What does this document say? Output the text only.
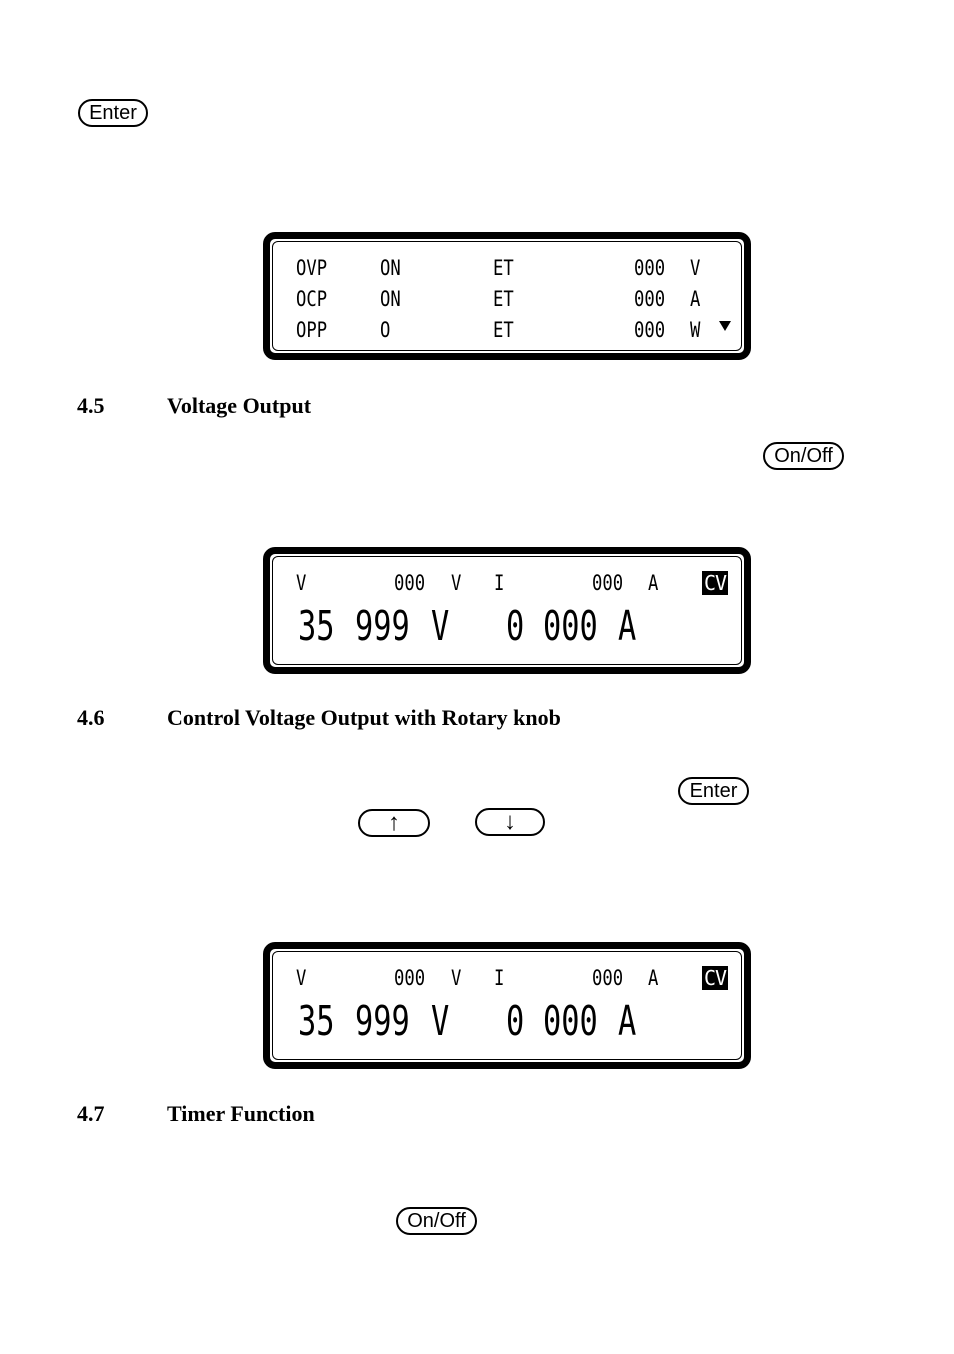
Enter
OVP	ON	ET	000 V
OCP	ON	ET	000 A
OPP	O	ET	000 W
4.5	Voltage Output
On/Off
V	000 V I	000 A CV
35 999 V 0 000 A
4.6	Control Voltage Output with Rotary knob
Enter
↑	↓
V	000 V I	000 A CV
35 999 V 0 000 A
4.7	Timer Function
On/Off
